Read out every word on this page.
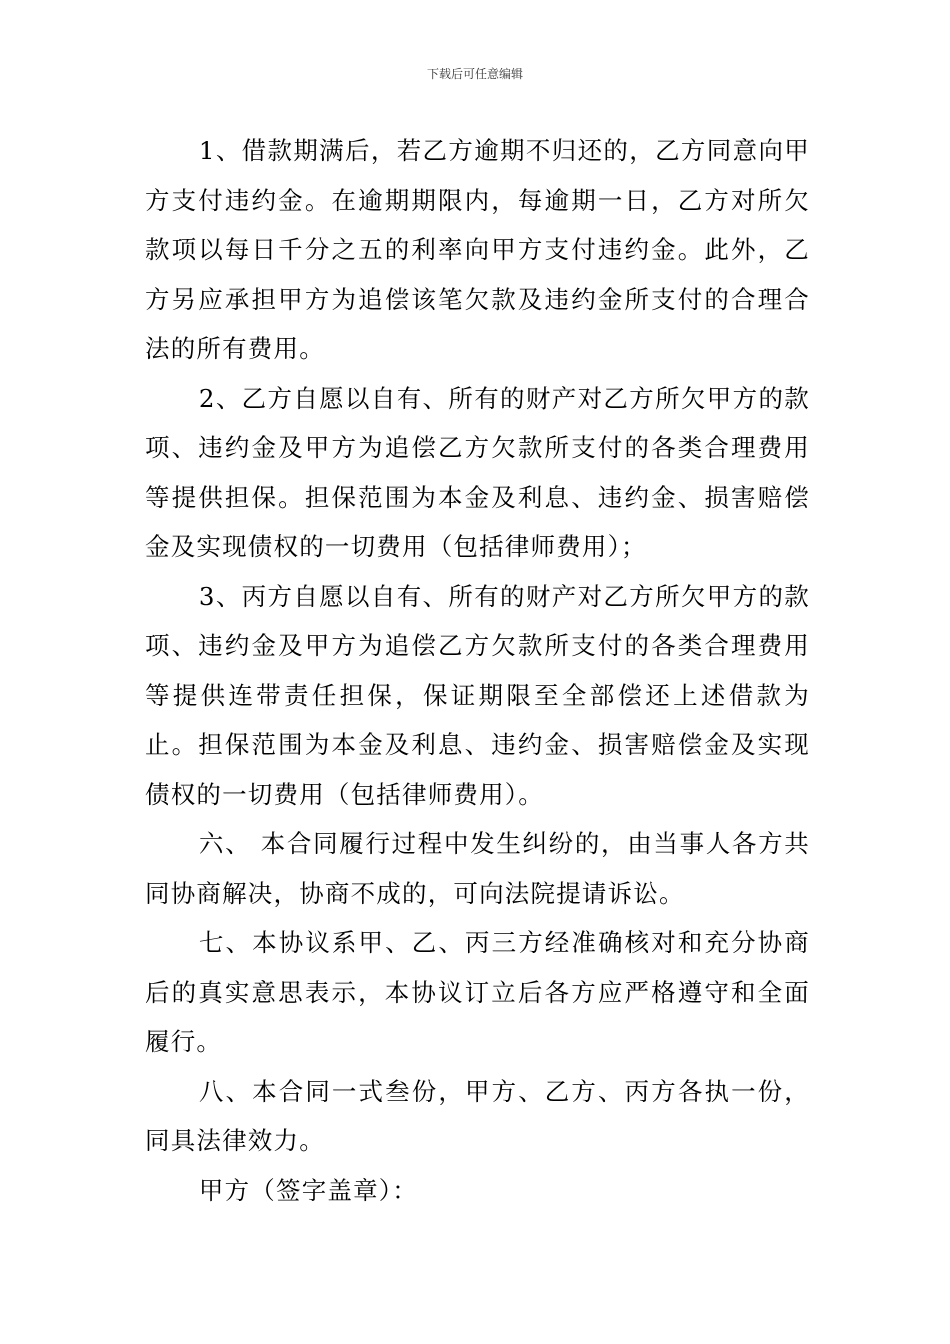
下载后可任意编辑

1、借款期满后，若乙方逾期不归还的，乙方同意向甲方支付违约金。在逾期期限内，每逾期一日，乙方对所欠款项以每日千分之五的利率向甲方支付违约金。此外，乙方另应承担甲方为追偿该笔欠款及违约金所支付的合理合法的所有费用。

2、乙方自愿以自有、所有的财产对乙方所欠甲方的款项、违约金及甲方为追偿乙方欠款所支付的各类合理费用等提供担保。担保范围为本金及利息、违约金、损害赔偿金及实现债权的一切费用（包括律师费用）；

3、丙方自愿以自有、所有的财产对乙方所欠甲方的款项、违约金及甲方为追偿乙方欠款所支付的各类合理费用等提供连带责任担保，保证期限至全部偿还上述借款为止。担保范围为本金及利息、违约金、损害赔偿金及实现债权的一切费用（包括律师费用）。

六、 本合同履行过程中发生纠纷的，由当事人各方共同协商解决，协商不成的，可向法院提请诉讼。

七、本协议系甲、乙、丙三方经准确核对和充分协商后的真实意思表示，本协议订立后各方应严格遵守和全面履行。

八、本合同一式叁份，甲方、乙方、丙方各执一份，同具法律效力。

甲方（签字盖章）：
